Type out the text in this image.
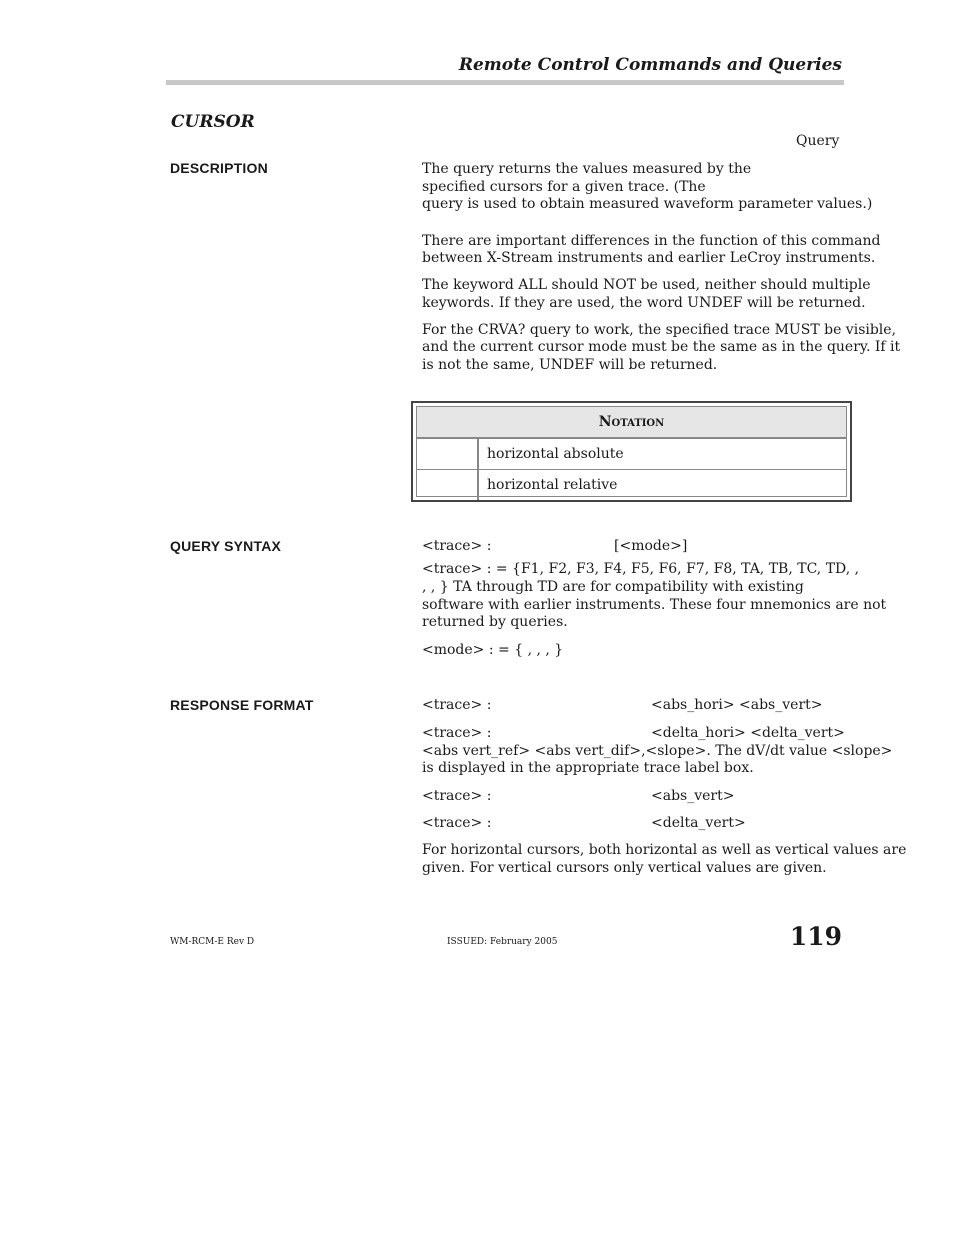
Remote Control Commands and Queries
CURSOR
Query
DESCRIPTION	The query returns the values measured by the
specified cursors for a given trace. (The
query is used to obtain measured waveform parameter values.)
There are important differences in the function of this command
between X-Stream instruments and earlier LeCroy instruments.
The keyword ALL should NOT be used, neither should multiple
keywords. If they are used, the word UNDEF will be returned.
For the CRVA? query to work, the specified trace MUST be visible,
and the current cursor mode must be the same as in the query. If it
is not the same, UNDEF will be returned.
Notation
horizontal absolute
horizontal relative
QUERY SYNTAX	<trace> :	[<mode>]
<trace> : = {F1, F2, F3, F4, F5, F6, F7, F8, TA, TB, TC, TD, ,
, , } TA through TD are for compatibility with existing
software with earlier instruments. These four mnemonics are not
returned by queries.
<mode> : = { , , , }
RESPONSE FORMAT	<trace> :	<abs_hori> <abs_vert>
<trace> :	<delta_hori> <delta_vert>
<abs vert_ref> <abs vert_dif>,<slope>. The dV/dt value <slope>
is displayed in the appropriate trace label box.
<trace> :	<abs_vert>
<trace> :	<delta_vert>
For horizontal cursors, both horizontal as well as vertical values are
given. For vertical cursors only vertical values are given.
WM-RCM-E Rev D	ISSUED: February 2005	119
